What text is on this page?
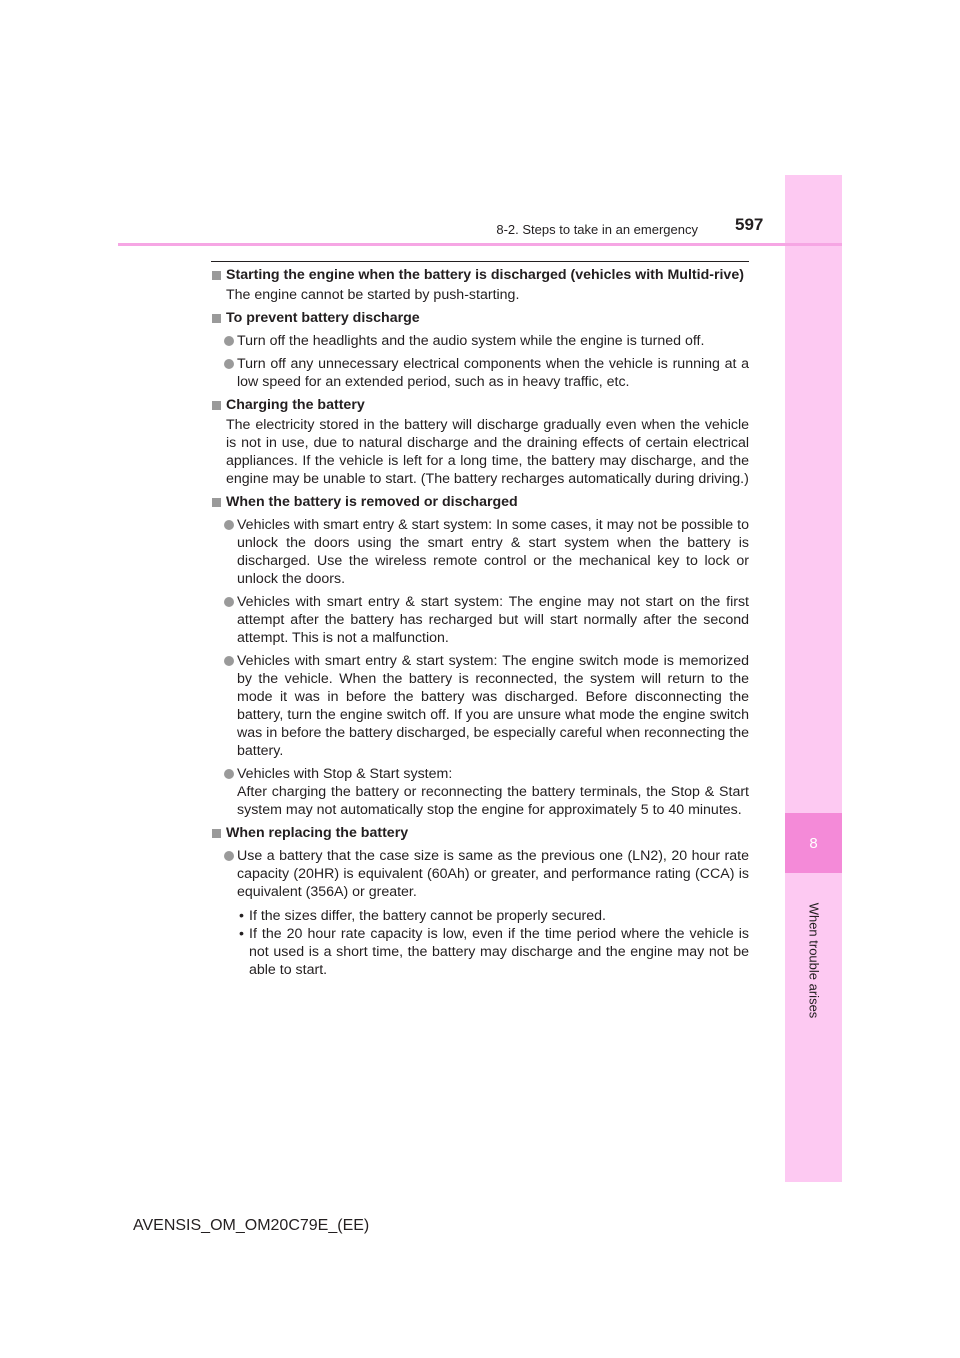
8
When trouble arises
8-2. Steps to take in an emergency 597
Starting the engine when the battery is discharged (vehicles with Multid-rive)
The engine cannot be started by push-starting.
To prevent battery discharge
Turn off the headlights and the audio system while the engine is turned off.
Turn off any unnecessary electrical components when the vehicle is running at a low speed for an extended period, such as in heavy traffic, etc.
Charging the battery
The electricity stored in the battery will discharge gradually even when the vehicle is not in use, due to natural discharge and the draining effects of certain electrical appliances. If the vehicle is left for a long time, the battery may discharge, and the engine may be unable to start. (The battery recharges automatically during driving.)
When the battery is removed or discharged
Vehicles with smart entry & start system: In some cases, it may not be possible to unlock the doors using the smart entry & start system when the battery is discharged. Use the wireless remote control or the mechanical key to lock or unlock the doors.
Vehicles with smart entry & start system: The engine may not start on the first attempt after the battery has recharged but will start normally after the second attempt. This is not a malfunction.
Vehicles with smart entry & start system: The engine switch mode is memorized by the vehicle. When the battery is reconnected, the system will return to the mode it was in before the battery was discharged. Before disconnecting the battery, turn the engine switch off. If you are unsure what mode the engine switch was in before the battery discharged, be especially careful when reconnecting the battery.
Vehicles with Stop & Start system:
After charging the battery or reconnecting the battery terminals, the Stop & Start system may not automatically stop the engine for approximately 5 to 40 minutes.
When replacing the battery
Use a battery that the case size is same as the previous one (LN2), 20 hour rate capacity (20HR) is equivalent (60Ah) or greater, and performance rating (CCA) is equivalent (356A) or greater.
• If the sizes differ, the battery cannot be properly secured.
• If the 20 hour rate capacity is low, even if the time period where the vehicle is not used is a short time, the battery may discharge and the engine may not be able to start.
AVENSIS_OM_OM20C79E_(EE)
